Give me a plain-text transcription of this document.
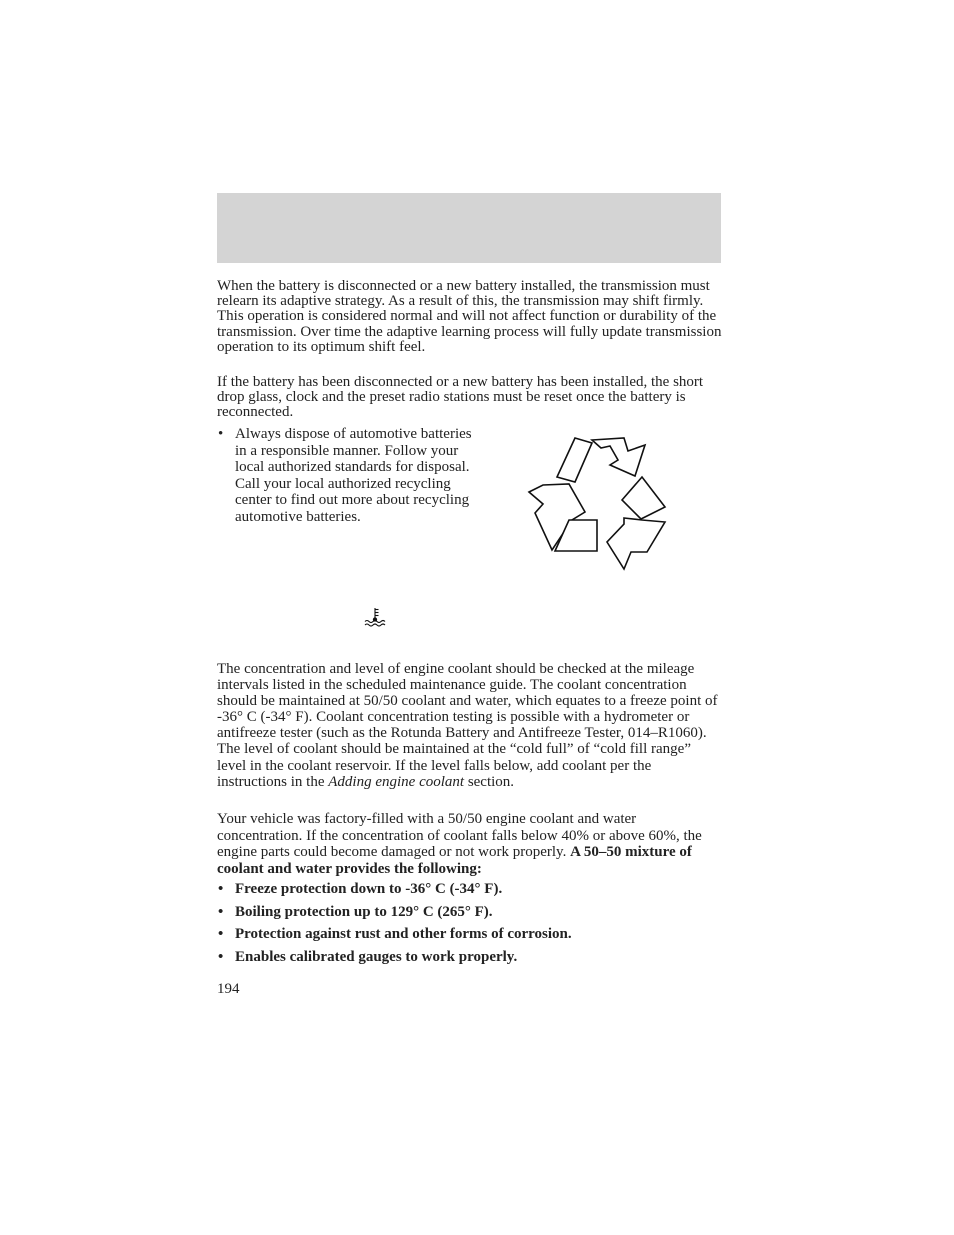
When the battery is disconnected or a new battery installed, the transmission must relearn its adaptive strategy. As a result of this, the transmission may shift firmly. This operation is considered normal and will not affect function or durability of the transmission. Over time the adaptive learning process will fully update transmission operation to its optimum shift feel.

If the battery has been disconnected or a new battery has been installed, the short drop glass, clock and the preset radio stations must be reset once the battery is reconnected.

• Always dispose of automotive batteries in a responsible manner. Follow your local authorized standards for disposal. Call your local authorized recycling center to find out more about recycling automotive batteries.

The concentration and level of engine coolant should be checked at the mileage intervals listed in the scheduled maintenance guide. The coolant concentration should be maintained at 50/50 coolant and water, which equates to a freeze point of -36° C (-34° F). Coolant concentration testing is possible with a hydrometer or antifreeze tester (such as the Rotunda Battery and Antifreeze Tester, 014–R1060). The level of coolant should be maintained at the “cold full” of “cold fill range” level in the coolant reservoir. If the level falls below, add coolant per the instructions in the Adding engine coolant section.

Your vehicle was factory-filled with a 50/50 engine coolant and water concentration. If the concentration of coolant falls below 40% or above 60%, the engine parts could become damaged or not work properly. A 50–50 mixture of coolant and water provides the following:

• Freeze protection down to -36° C (-34° F).
• Boiling protection up to 129° C (265° F).
• Protection against rust and other forms of corrosion.
• Enables calibrated gauges to work properly.

194
